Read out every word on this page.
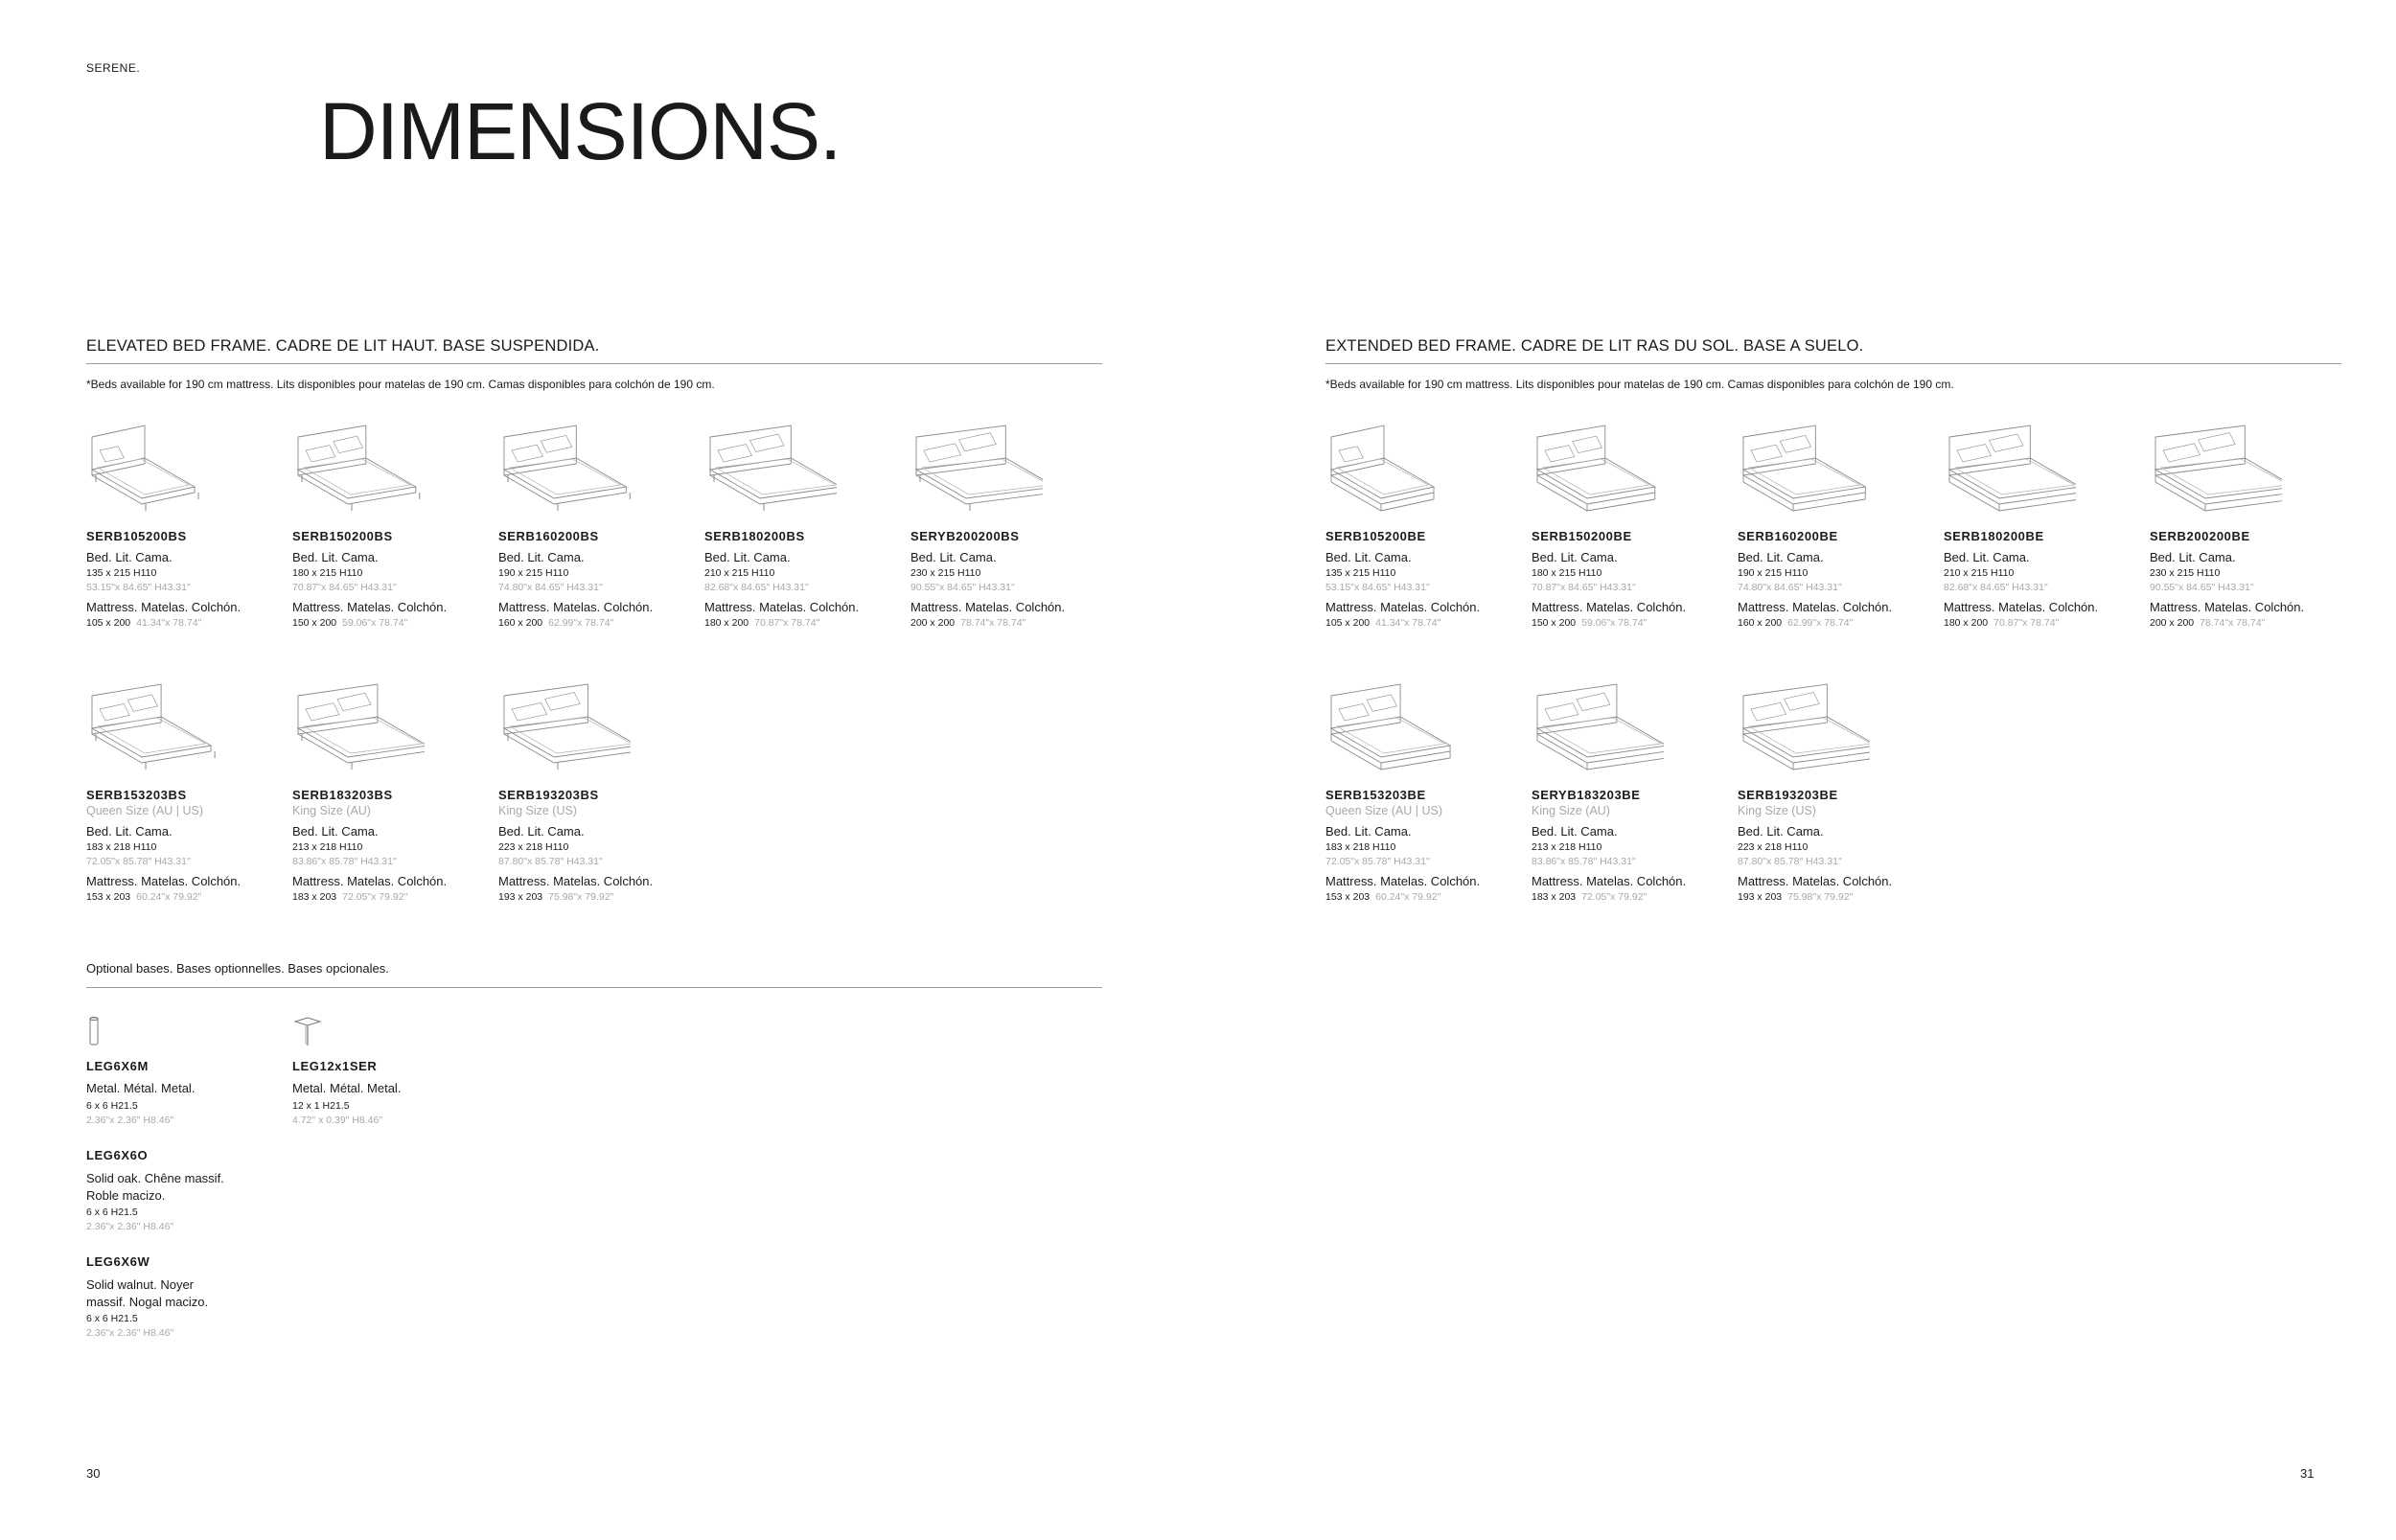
SERENE.
DIMENSIONS.
ELEVATED BED FRAME. CADRE DE LIT HAUT. BASE SUSPENDIDA.
*Beds available for 190 cm mattress. Lits disponibles pour matelas de 190 cm. Camas disponibles para colchón de 190 cm.
SERB105200BS
Bed. Lit. Cama.
135 x 215 H110
53.15"x 84.65" H43.31"
Mattress. Matelas. Colchón.
105 x 200 41.34"x 78.74"
SERB150200BS
Bed. Lit. Cama.
180 x 215 H110
70.87"x 84.65" H43.31"
Mattress. Matelas. Colchón.
150 x 200 59.06"x 78.74"
SERB160200BS
Bed. Lit. Cama.
190 x 215 H110
74.80"x 84.65" H43.31"
Mattress. Matelas. Colchón.
160 x 200 62.99"x 78.74"
SERB180200BS
Bed. Lit. Cama.
210 x 215 H110
82.68"x 84.65" H43.31"
Mattress. Matelas. Colchón.
180 x 200 70.87"x 78.74"
SERYB200200BS
Bed. Lit. Cama.
230 x 215 H110
90.55"x 84.65" H43.31"
Mattress. Matelas. Colchón.
200 x 200 78.74"x 78.74"
SERB153203BS
Queen Size (AU | US)
Bed. Lit. Cama.
183 x 218 H110
72.05"x 85.78" H43.31"
Mattress. Matelas. Colchón.
153 x 203 60.24"x 79.92"
SERB183203BS
King Size (AU)
Bed. Lit. Cama.
213 x 218 H110
83.86"x 85.78" H43.31"
Mattress. Matelas. Colchón.
183 x 203 72.05"x 79.92"
SERB193203BS
King Size (US)
Bed. Lit. Cama.
223 x 218 H110
87.80"x 85.78" H43.31"
Mattress. Matelas. Colchón.
193 x 203 75.98"x 79.92"
EXTENDED BED FRAME. CADRE DE LIT RAS DU SOL. BASE A SUELO.
*Beds available for 190 cm mattress. Lits disponibles pour matelas de 190 cm. Camas disponibles para colchón de 190 cm.
SERB105200BE
Bed. Lit. Cama.
135 x 215 H110
53.15"x 84.65" H43.31"
Mattress. Matelas. Colchón.
105 x 200 41.34"x 78.74"
SERB150200BE
Bed. Lit. Cama.
180 x 215 H110
70.87"x 84.65" H43.31"
Mattress. Matelas. Colchón.
150 x 200 59.06"x 78.74"
SERB160200BE
Bed. Lit. Cama.
190 x 215 H110
74.80"x 84.65" H43.31"
Mattress. Matelas. Colchón.
160 x 200 62.99"x 78.74"
SERB180200BE
Bed. Lit. Cama.
210 x 215 H110
82.68"x 84.65" H43.31"
Mattress. Matelas. Colchón.
180 x 200 70.87"x 78.74"
SERB200200BE
Bed. Lit. Cama.
230 x 215 H110
90.55"x 84.65" H43.31"
Mattress. Matelas. Colchón.
200 x 200 78.74"x 78.74"
SERB153203BE
Queen Size (AU | US)
Bed. Lit. Cama.
183 x 218 H110
72.05"x 85.78" H43.31"
Mattress. Matelas. Colchón.
153 x 203 60.24"x 79.92"
SERYB183203BE
King Size (AU)
Bed. Lit. Cama.
213 x 218 H110
83.86"x 85.78" H43.31"
Mattress. Matelas. Colchón.
183 x 203 72.05"x 79.92"
SERB193203BE
King Size (US)
Bed. Lit. Cama.
223 x 218 H110
87.80"x 85.78" H43.31"
Mattress. Matelas. Colchón.
193 x 203 75.98"x 79.92"
Optional bases. Bases optionnelles. Bases opcionales.
LEG6X6M
Metal. Métal. Metal.
6 x 6 H21.5
2.36"x 2.36" H8.46"
LEG12x1SER
Metal. Métal. Metal.
12 x 1 H21.5
4.72" x 0.39" H8.46"
LEG6X6O
Solid oak. Chêne massif.
Roble macizo.
6 x 6 H21.5
2.36"x 2.36" H8.46"
LEG6X6W
Solid walnut. Noyer
massif. Nogal macizo.
6 x 6 H21.5
2.36"x 2.36" H8.46"
30	31
